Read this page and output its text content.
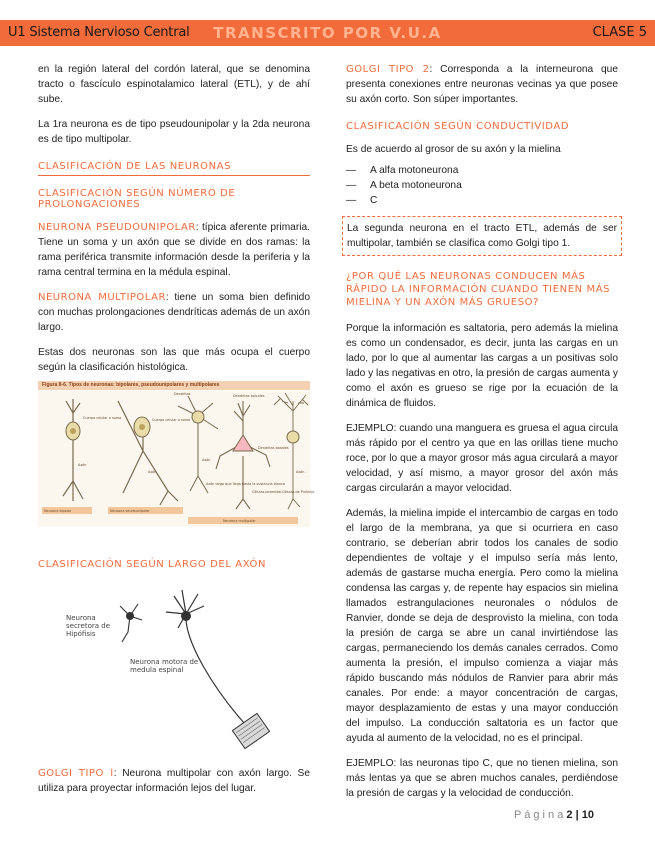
U1 Sistema Nervioso Central	TRANSCRITO POR V.U.A	CLASE 5

en la región lateral del cordón lateral, que se denomina tracto o fascículo espinotalamico lateral (ETL), y de ahí sube.

La 1ra neurona es de tipo pseudounipolar y la 2da neurona es de tipo multipolar.

CLASIFICACIÓN DE LAS NEURONAS
CLASIFICACIÓN SEGÚN NÚMERO DE PROLONGACIONES

NEURONA PSEUDOUNIPOLAR: típica aferente primaria. Tiene un soma y un axón que se divide en dos ramas: la rama periférica transmite información desde la periferia y la rama central termina en la médula espinal.

NEURONA MULTIPOLAR: tiene un soma bien definido con muchas prolongaciones dendríticas además de un axón largo.

Estas dos neuronas son las que más ocupa el cuerpo según la clasificación histológica.

Figura 8-6. Tipos de neuronas: bipolares, pseudounipolares y multipolares
Neurona bipolar	Neurona seudounipolar
Neurona multipolar
Dendritas apicales
Dendritas basales
Cuerpo celular o soma
Axón
Cuerpo celular o soma
Axón
Axón largo que llega hasta la sustancia blanca
Células piramidal Células de Purkinje
Dendritas
Axón
Axón
CLASIFICACIÓN SEGÚN LARGO DEL AXÓN
Neurona secretora de Hipófisis
Neurona motora de medula espinal

GOLGI TIPO I: Neurona multipolar con axón largo. Se utiliza para proyectar información lejos del lugar.

GOLGI TIPO 2: Corresponda a la interneurona que presenta conexiones entre neuronas vecinas ya que posee su axón corto. Son súper importantes.

CLASIFICACIÓN SEGÚN CONDUCTIVIDAD

Es de acuerdo al grosor de su axón y la mielina

— A alfa motoneurona
— A beta motoneurona
— C

La segunda neurona en el tracto ETL, además de ser multipolar, también se clasifica como Golgi tipo 1.

¿POR QUÉ LAS NEURONAS CONDUCEN MÁS RÁPIDO LA INFORMACIÓN CUANDO TIENEN MÁS MIELINA Y UN AXÓN MÁS GRUESO?

Porque la información es saltatoria, pero además la mielina es como un condensador, es decir, junta las cargas en un lado, por lo que al aumentar las cargas a un positivas solo lado y las negativas en otro, la presión de cargas aumenta y como el axón es grueso se rige por la ecuación de la dinámica de fluidos.

EJEMPLO: cuando una manguera es gruesa el agua circula más rápido por el centro ya que en las orillas tiene mucho roce, por lo que a mayor grosor más agua circulará a mayor velocidad, y así mismo, a mayor grosor del axón más cargas circularán a mayor velocidad.

Además, la mielina impide el intercambio de cargas en todo el largo de la membrana, ya que si ocurriera en caso contrario, se deberían abrir todos los canales de sodio dependientes de voltaje y el impulso sería más lento, además de gastarse mucha energía. Pero como la mielina condensa las cargas y, de repente hay espacios sin mielina llamados estrangulaciones neuronales o nódulos de Ranvier, donde se deja de desprovisto la mielina, con toda la presión de carga se abre un canal invirtiéndose las cargas, permaneciendo los demás canales cerrados. Como aumenta la presión, el impulso comienza a viajar más rápido buscando más nódulos de Ranvier para abrir más canales. Por ende: a mayor concentración de cargas, mayor desplazamiento de estas y una mayor conducción del impulso. La conducción saltatoria es un factor que ayuda al aumento de la velocidad, no es el principal.

EJEMPLO: las neuronas tipo C, que no tienen mielina, son más lentas ya que se abren muchos canales, perdiéndose la presión de cargas y la velocidad de conducción.

P á g i n a 2 | 10
